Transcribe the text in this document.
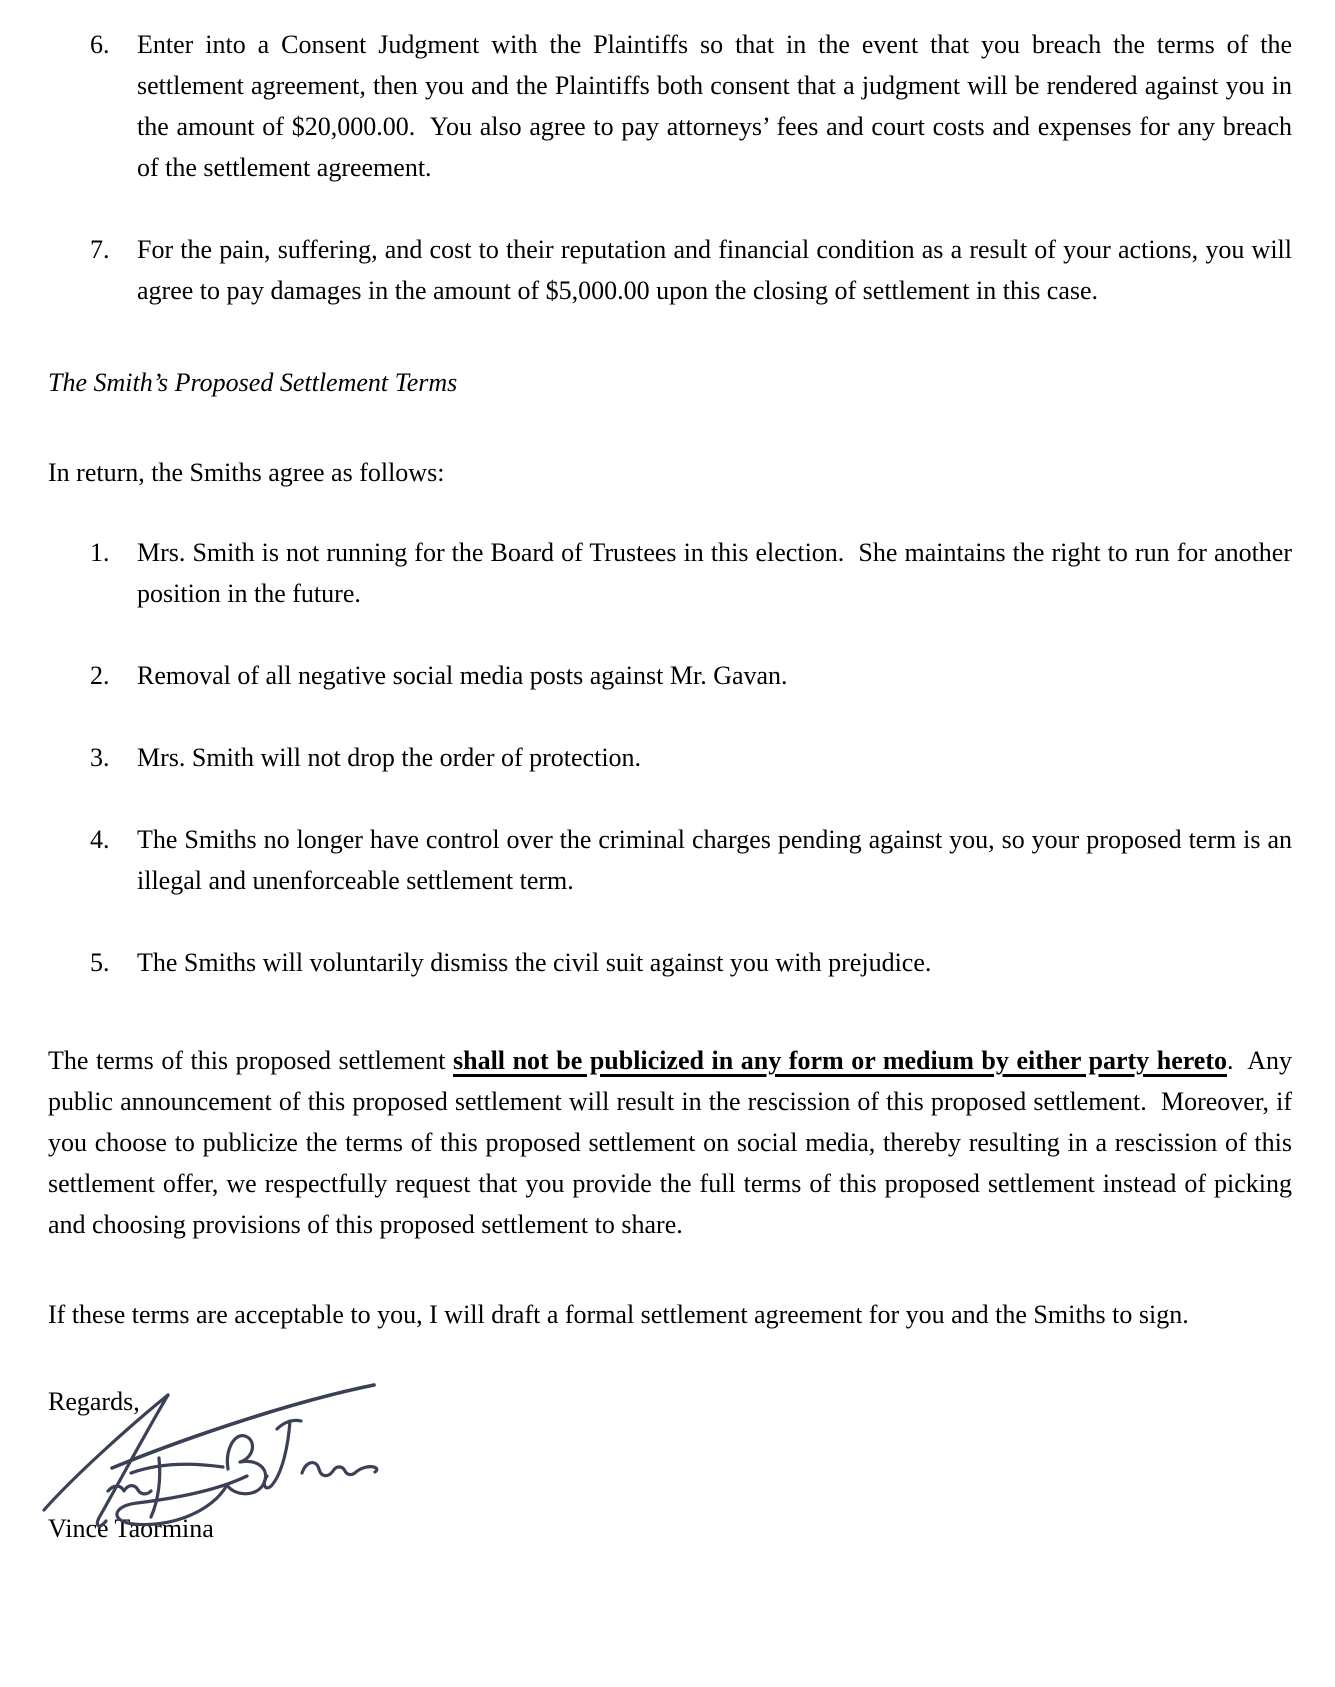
6.	Enter into a Consent Judgment with the Plaintiffs so that in the event that you breach the terms of the settlement agreement, then you and the Plaintiffs both consent that a judgment will be rendered against you in the amount of $20,000.00.  You also agree to pay attorneys’ fees and court costs and expenses for any breach of the settlement agreement.
7.	For the pain, suffering, and cost to their reputation and financial condition as a result of your actions, you will agree to pay damages in the amount of $5,000.00 upon the closing of settlement in this case.
The Smith’s Proposed Settlement Terms
In return, the Smiths agree as follows:
1.	Mrs. Smith is not running for the Board of Trustees in this election.  She maintains the right to run for another position in the future.
2.	Removal of all negative social media posts against Mr. Gavan.
3.	Mrs. Smith will not drop the order of protection.
4.	The Smiths no longer have control over the criminal charges pending against you, so your proposed term is an illegal and unenforceable settlement term.
5.	The Smiths will voluntarily dismiss the civil suit against you with prejudice.

The terms of this proposed settlement shall not be publicized in any form or medium by either party hereto.  Any public announcement of this proposed settlement will result in the rescission of this proposed settlement.  Moreover, if you choose to publicize the terms of this proposed settlement on social media, thereby resulting in a rescission of this settlement offer, we respectfully request that you provide the full terms of this proposed settlement instead of picking and choosing provisions of this proposed settlement to share.

If these terms are acceptable to you, I will draft a formal settlement agreement for you and the Smiths to sign.

Regards,
Vince Taormina
